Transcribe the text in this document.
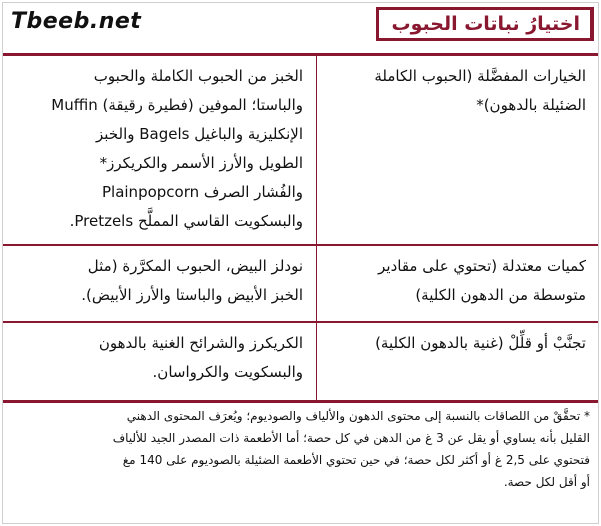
Tbeeb.net	اختيارُ نباتات الحبوب
الخيارات المفضَّلة (الحبوب الكاملة
الضئيلة بالدهون)*
الخبز من الحبوب الكاملة والحبوب
والباستا؛ الموفين (فطيرة رقيقة) Muffin
الإنكليزية والباغيل Bagels والخبز
الطويل والأرز الأسمر والكريكرز*
والفُشار الصرف Plainpopcorn
والبسكويت القاسي المملَّح Pretzels.
كميات معتدلة (تحتوي على مقادير
متوسطة من الدهون الكلية)
نودلز البيض، الحبوب المكرَّرة (مثل
الخبز الأبيض والباستا والأرز الأبيض).
تجنَّبْ أو قلِّلْ (غنية بالدهون الكلية)
الكريكرز والشرائح الغنية بالدهون
والبسكويت والكرواسان.
* تحقَّقْ من اللصاقات بالنسبة إلى محتوى الدهون والألياف والصوديوم؛ ويُعرَف المحتوى الدهني
القليل بأنه يساوي أو يقل عن 3 غ من الدهن في كل حصة؛ أما الأطعمة ذات المصدر الجيد للألياف
فتحتوي على 2,5 غ أو أكثر لكل حصة؛ في حين تحتوي الأطعمة الضئيلة بالصوديوم على 140 مغ
أو أقل لكل حصة.
